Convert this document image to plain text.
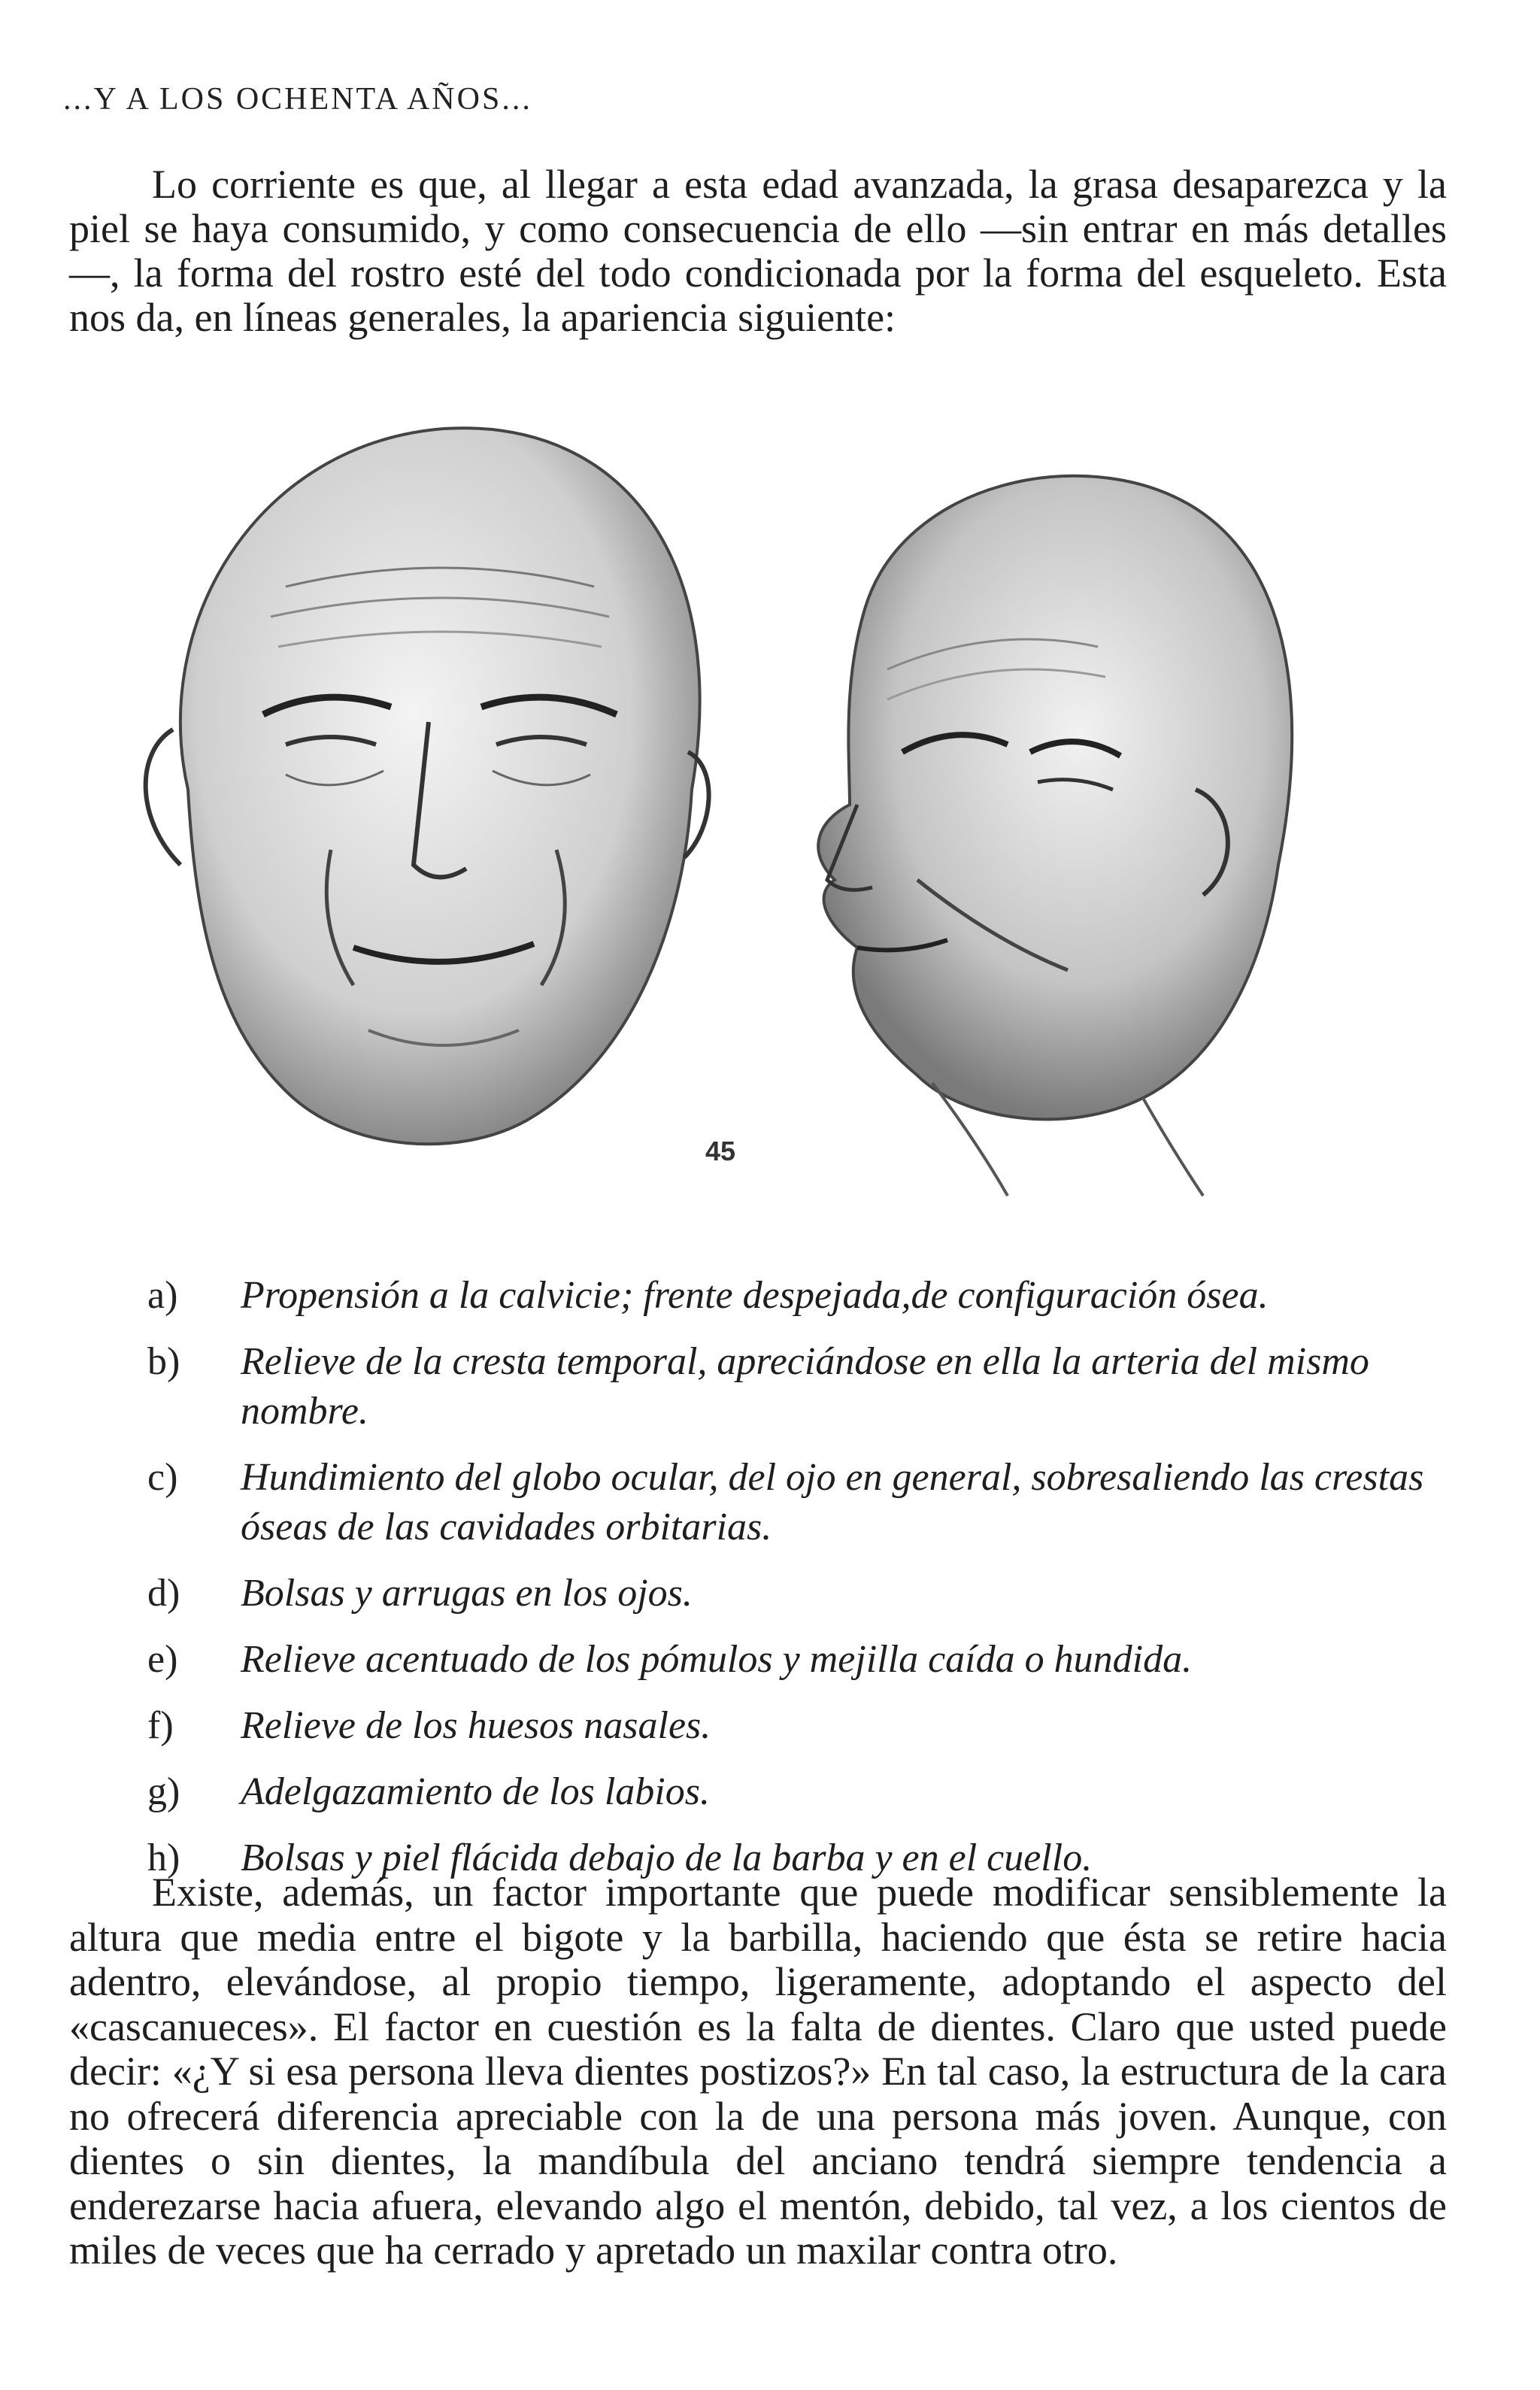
...Y A LOS OCHENTA AÑOS...

Lo corriente es que, al llegar a esta edad avanzada, la grasa desaparezca y la piel se haya consumido, y como consecuencia de ello —sin entrar en más detalles—, la forma del rostro esté del todo condicionada por la forma del esqueleto. Esta nos da, en líneas generales, la apariencia siguiente:

45
a)	Propensión a la calvicie; frente despejada,de configuración ósea.
b)	Relieve de la cresta temporal, apreciándose en ella la arteria del mismo nombre.
c)	Hundimiento del globo ocular, del ojo en general, sobresaliendo las crestas óseas de las cavidades orbitarias.
d)	Bolsas y arrugas en los ojos.
e)	Relieve acentuado de los pómulos y mejilla caída o hundida.
f)	Relieve de los huesos nasales.
g)	Adelgazamiento de los labios.
h)	Bolsas y piel flácida debajo de la barba y en el cuello.

Existe, además, un factor importante que puede modificar sensiblemente la altura que media entre el bigote y la barbilla, haciendo que ésta se retire hacia adentro, elevándose, al propio tiempo, ligeramente, adoptando el aspecto del «cascanueces». El factor en cuestión es la falta de dientes. Claro que usted puede decir: «¿Y si esa persona lleva dientes postizos?» En tal caso, la estructura de la cara no ofrecerá diferencia apreciable con la de una persona más joven. Aunque, con dientes o sin dientes, la mandíbula del anciano tendrá siempre tendencia a enderezarse hacia afuera, elevando algo el mentón, debido, tal vez, a los cientos de miles de veces que ha cerrado y apretado un maxilar contra otro.
